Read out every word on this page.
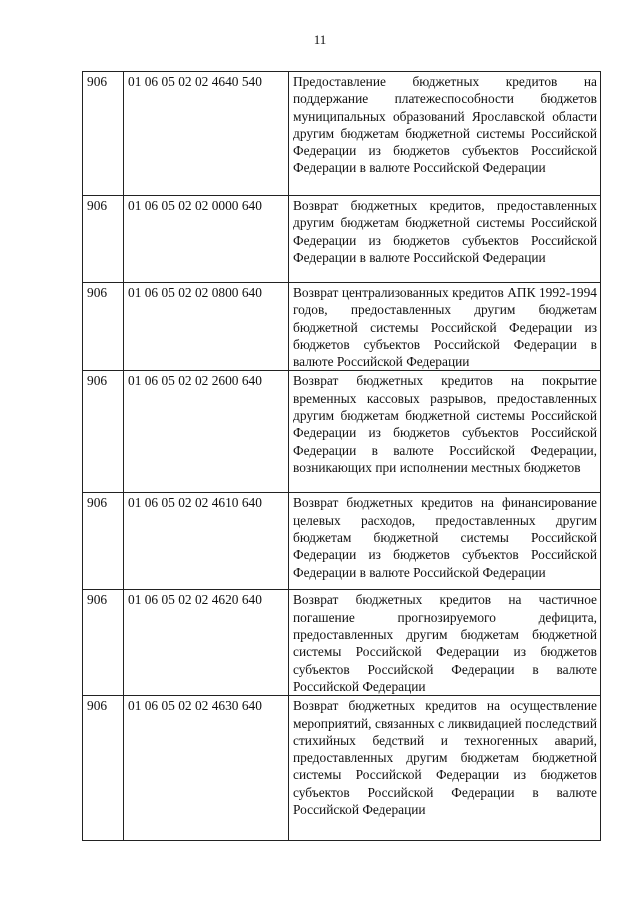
11
906	01 06 05 02 02 4640 540	Предоставление бюджетных кредитов на поддержание платежеспособности бюджетов муниципальных образований Ярославской области другим бюджетам бюджетной системы Российской Федерации из бюджетов субъектов Российской Федерации в валюте Российской Федерации
906	01 06 05 02 02 0000 640	Возврат бюджетных кредитов, предоставленных другим бюджетам бюджетной системы Российской Федерации из бюджетов субъектов Российской Федерации в валюте Российской Федерации
906	01 06 05 02 02 0800 640	Возврат централизованных кредитов АПК 1992-1994 годов, предоставленных другим бюджетам бюджетной системы Российской Федерации из бюджетов субъектов Российской Федерации в валюте Российской Федерации
906	01 06 05 02 02 2600 640	Возврат бюджетных кредитов на покрытие временных кассовых разрывов, предоставленных другим бюджетам бюджетной системы Российской Федерации из бюджетов субъектов Российской Федерации в валюте Российской Федерации, возникающих при исполнении местных бюджетов
906	01 06 05 02 02 4610 640	Возврат бюджетных кредитов на финансирование целевых расходов, предоставленных другим бюджетам бюджетной системы Российской Федерации из бюджетов субъектов Российской Федерации в валюте Российской Федерации
906	01 06 05 02 02 4620 640	Возврат бюджетных кредитов на частичное погашение прогнозируемого дефицита, предоставленных другим бюджетам бюджетной системы Российской Федерации из бюджетов субъектов Российской Федерации в валюте Российской Федерации
906	01 06 05 02 02 4630 640	Возврат бюджетных кредитов на осуществление мероприятий, связанных с ликвидацией последствий стихийных бедствий и техногенных аварий, предоставленных другим бюджетам бюджетной системы Российской Федерации из бюджетов субъектов Российской Федерации в валюте Российской Федерации
